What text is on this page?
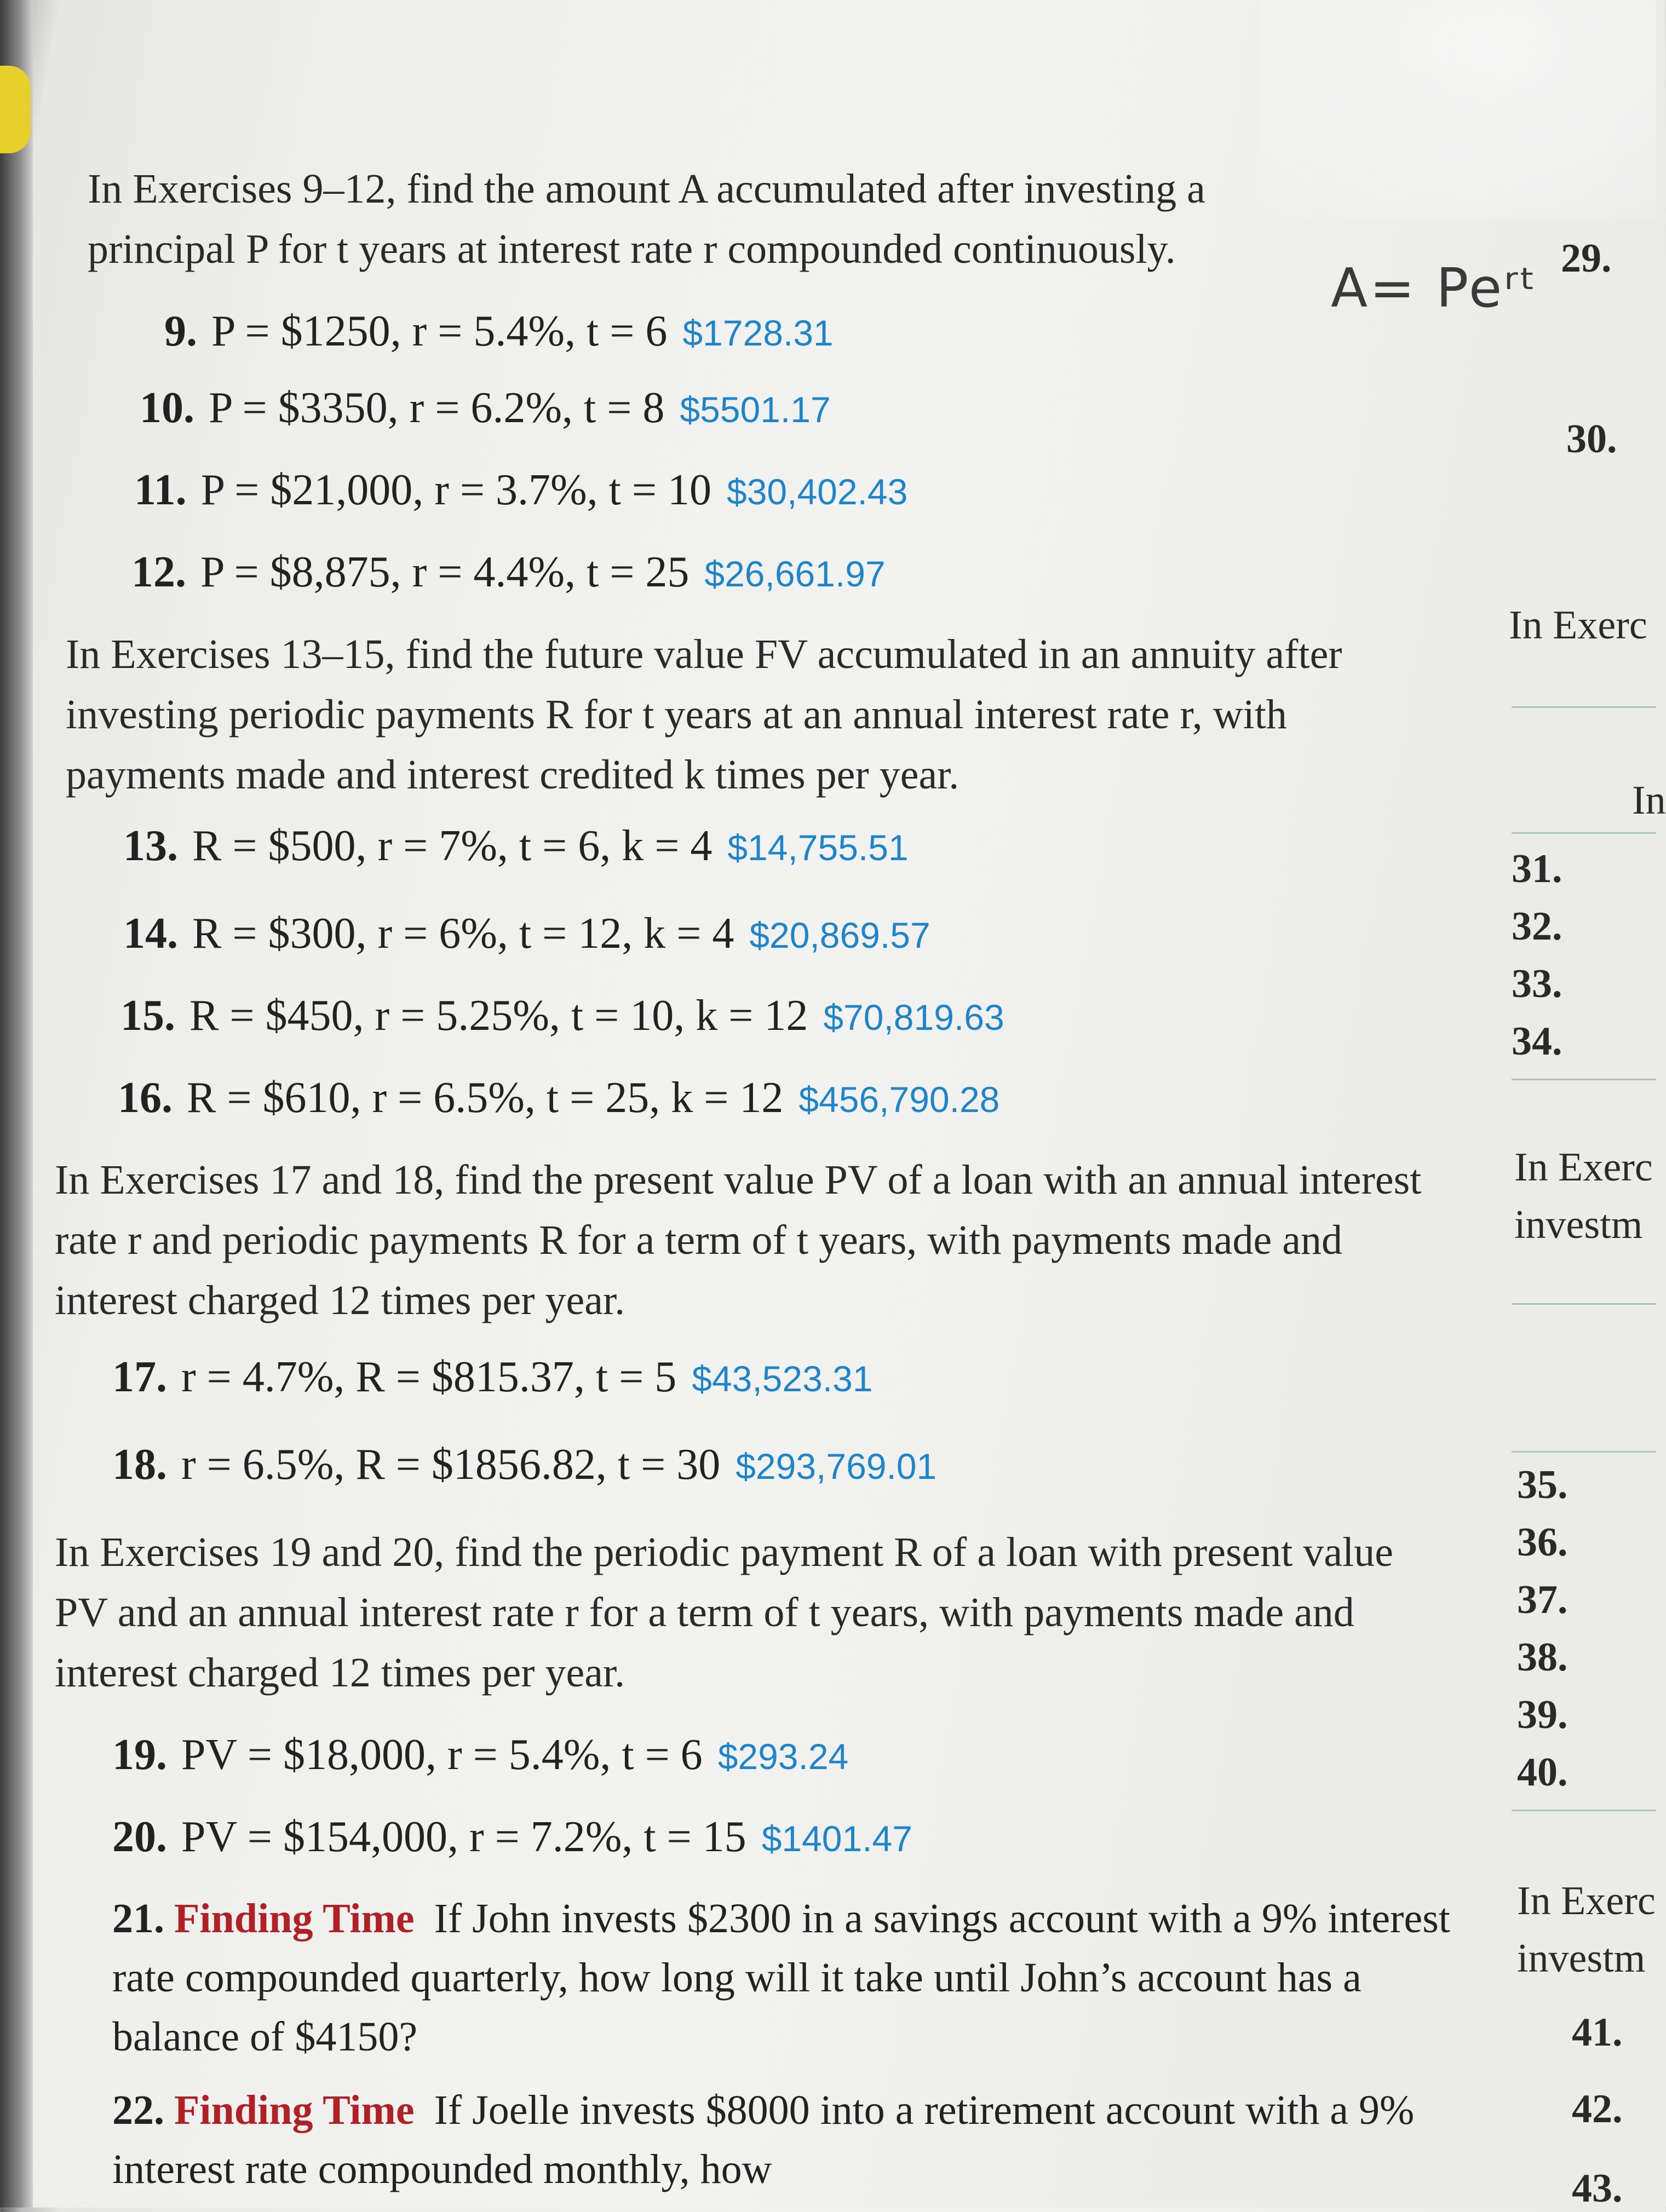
In Exercises 9–12, find the amount A accumulated after investing a principal P for t years at interest rate r compounded continuously.
A= Peʳᵗ
9. P = $1250, r = 5.4%, t = 6 $1728.31
10. P = $3350, r = 6.2%, t = 8 $5501.17
11. P = $21,000, r = 3.7%, t = 10 $30,402.43
12. P = $8,875, r = 4.4%, t = 25 $26,661.97
In Exercises 13–15, find the future value FV accumulated in an annuity after investing periodic payments R for t years at an annual interest rate r, with payments made and interest credited k times per year.
13. R = $500, r = 7%, t = 6, k = 4 $14,755.51
14. R = $300, r = 6%, t = 12, k = 4 $20,869.57
15. R = $450, r = 5.25%, t = 10, k = 12 $70,819.63
16. R = $610, r = 6.5%, t = 25, k = 12 $456,790.28
In Exercises 17 and 18, find the present value PV of a loan with an annual interest rate r and periodic payments R for a term of t years, with payments made and interest charged 12 times per year.
17. r = 4.7%, R = $815.37, t = 5 $43,523.31
18. r = 6.5%, R = $1856.82, t = 30 $293,769.01
In Exercises 19 and 20, find the periodic payment R of a loan with present value PV and an annual interest rate r for a term of t years, with payments made and interest charged 12 times per year.
19. PV = $18,000, r = 5.4%, t = 6 $293.24
20. PV = $154,000, r = 7.2%, t = 15 $1401.47
21. Finding Time If John invests $2300 in a savings account with a 9% interest rate compounded quarterly, how long will it take until John’s account has a balance of $4150?
22. Finding Time If Joelle invests $8000 into a retirement account with a 9% interest rate compounded monthly, how
29.
30.
In Exerc
In
31.
32.
33.
34.
In Exerc
investm
35.
36.
37.
38.
39.
40.
In Exerc
investm
41.
42.
43.
